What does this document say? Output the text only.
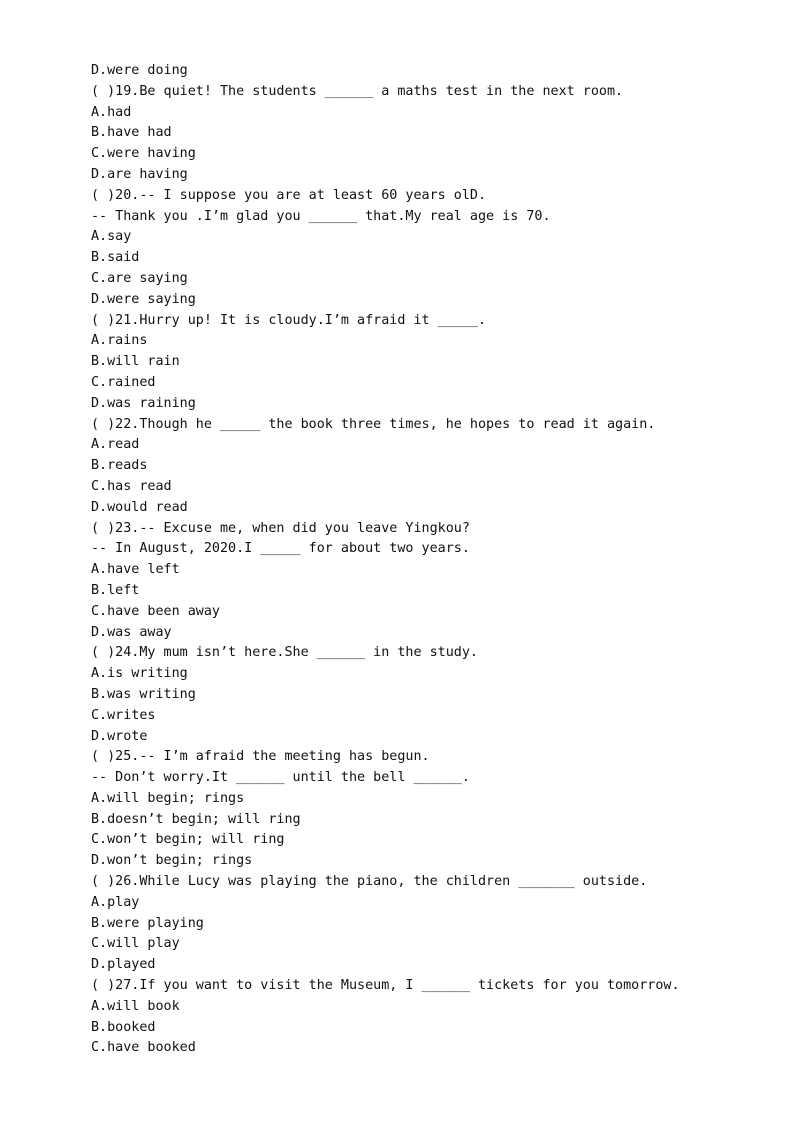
D.were doing
( )19.Be quiet! The students ______ a maths test in the next room.
A.had
B.have had
C.were having
D.are having
( )20.-- I suppose you are at least 60 years olD.
-- Thank you .I’m glad you ______ that.My real age is 70.
A.say
B.said
C.are saying
D.were saying
( )21.Hurry up! It is cloudy.I’m afraid it _____.
A.rains
B.will rain
C.rained
D.was raining
( )22.Though he _____ the book three times, he hopes to read it again.
A.read
B.reads
C.has read
D.would read
( )23.-- Excuse me, when did you leave Yingkou?
-- In August, 2020.I _____ for about two years.
A.have left
B.left
C.have been away
D.was away
( )24.My mum isn’t here.She ______ in the study.
A.is writing
B.was writing
C.writes
D.wrote
( )25.-- I’m afraid the meeting has begun.
-- Don’t worry.It ______ until the bell ______.
A.will begin; rings
B.doesn’t begin; will ring
C.won’t begin; will ring
D.won’t begin; rings
( )26.While Lucy was playing the piano, the children _______ outside.
A.play
B.were playing
C.will play
D.played
( )27.If you want to visit the Museum, I ______ tickets for you tomorrow.
A.will book
B.booked
C.have booked
